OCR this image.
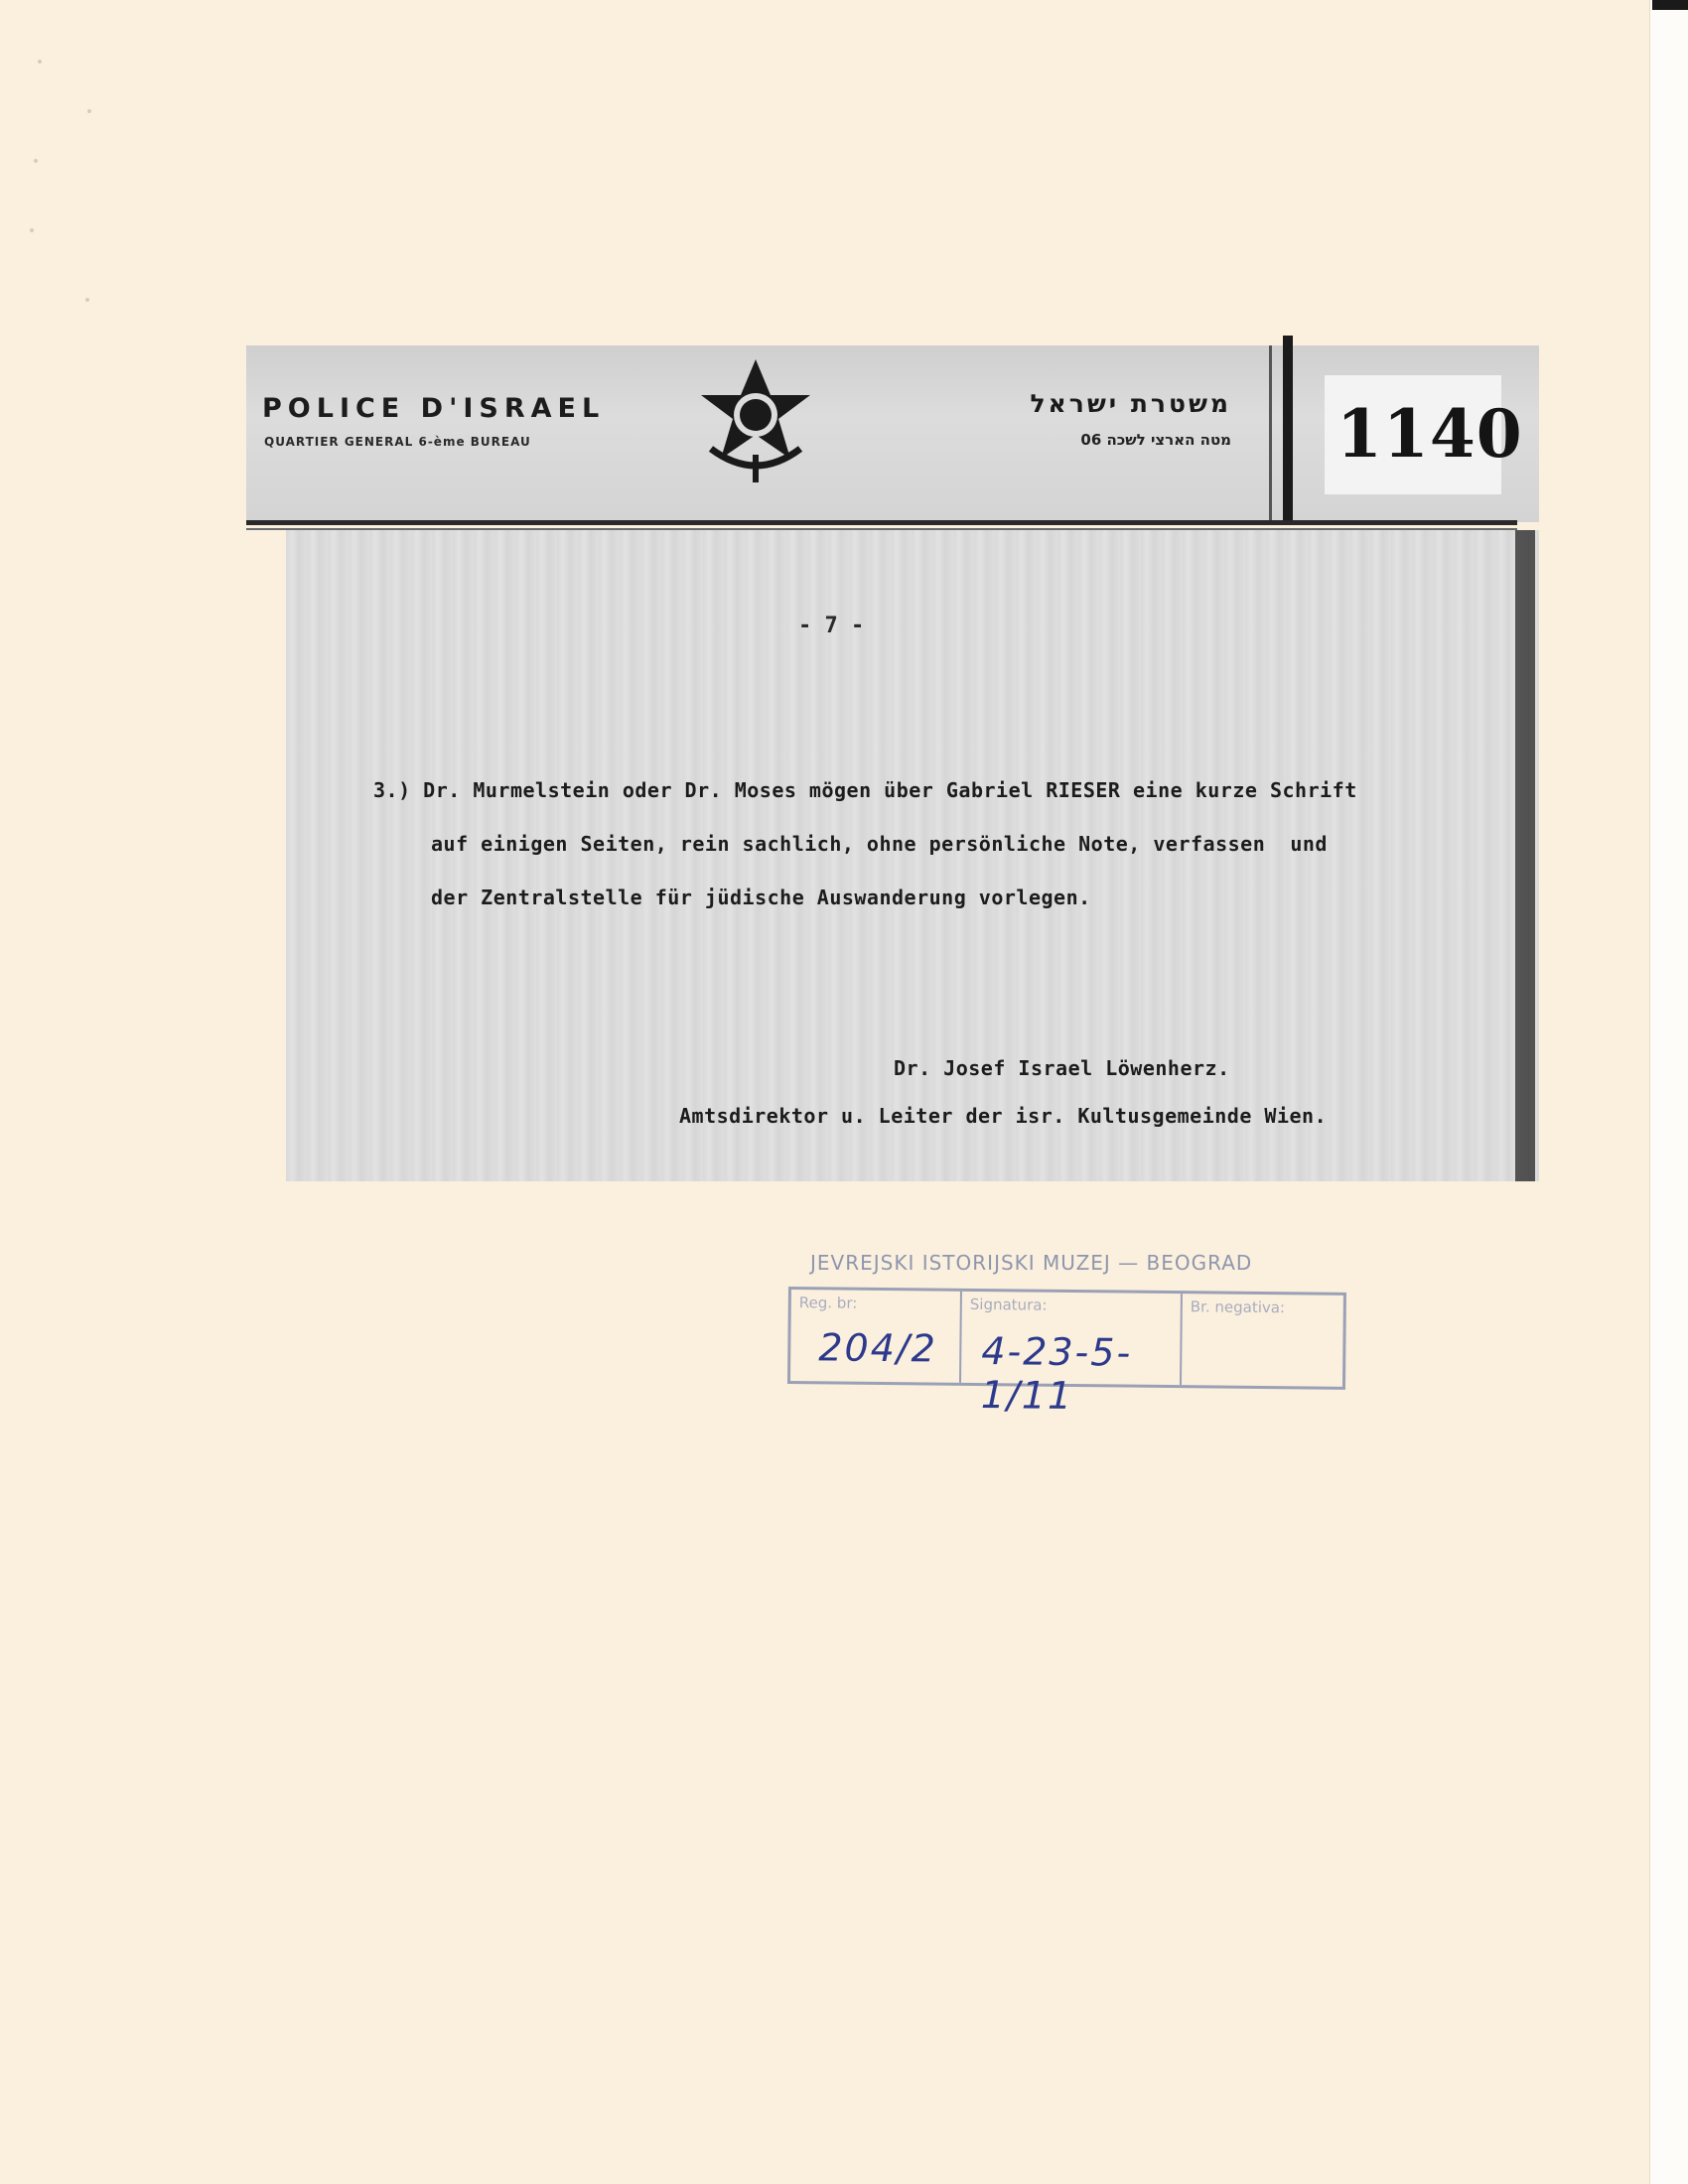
POLICE D'ISRAEL
QUARTIER GENERAL 6-ème BUREAU
משטרת ישראל
מטה הארצי לשכה 06 1140
- 7 -
3.) Dr. Murmelstein oder Dr. Moses mögen über Gabriel RIESER eine kurze Schrift
auf einigen Seiten, rein sachlich, ohne persönliche Note, verfassen  und
der Zentralstelle für jüdische Auswanderung vorlegen.
Dr. Josef Israel Löwenherz.
Amtsdirektor u. Leiter der isr. Kultusgemeinde Wien.
JEVREJSKI ISTORIJSKI MUZEJ — BEOGRAD
Reg. br:
204/2
Signatura:
4-23-5-1/11
Br. negativa:
